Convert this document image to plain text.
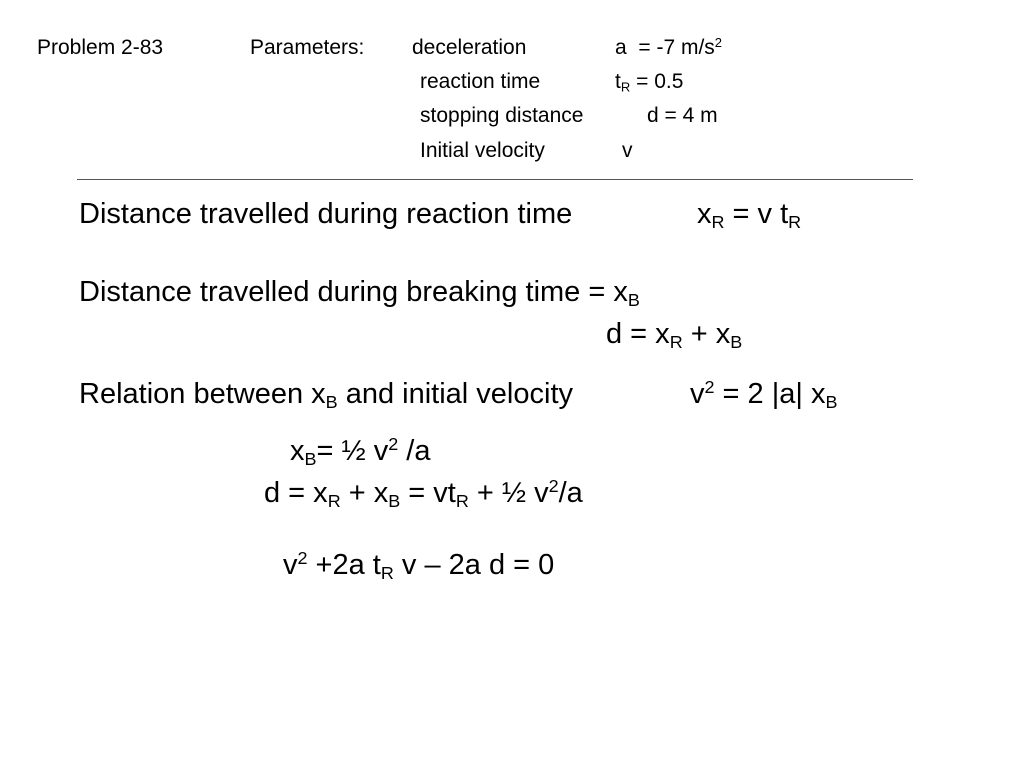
Problem 2-83	Parameters: deceleration	a = -7 $m/s^2$
reaction time	$t_R = 0.5$
stopping distance	d = 4 m
Initial velocity	v
Distance travelled during reaction time	$x_R = v$ $t_R$
Distance travelled during breaking time = $x_B$
$d = x_R + x_B$
Relation between $x_B$ and initial velocity	$v^2 = 2$ |a| $x_B$
$x_B=$ ½ $v^2$ /a
$d = x_R + x_B = vt_R$ + ½ $v^2/a$
$v^2 +2a$ $t_R$ v – 2a d = 0
